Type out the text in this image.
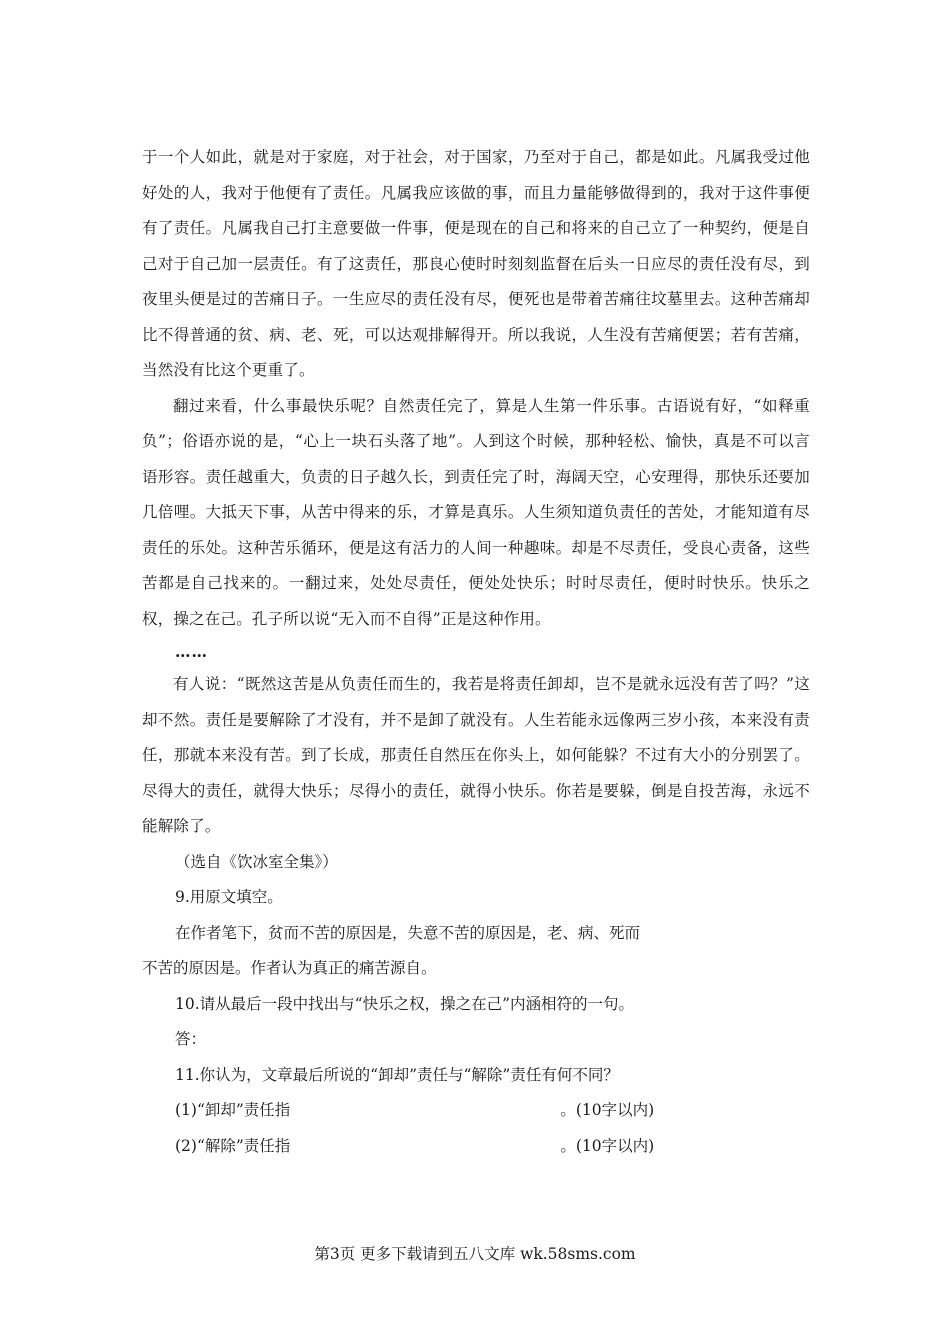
于一个人如此，就是对于家庭，对于社会，对于国家，乃至对于自己，都是如此。凡属我受过他好处的人，我对于他便有了责任。凡属我应该做的事，而且力量能够做得到的，我对于这件事便有了责任。凡属我自己打主意要做一件事，便是现在的自己和将来的自己立了一种契约，便是自己对于自己加一层责任。有了这责任，那良心使时时刻刻监督在后头一日应尽的责任没有尽，到夜里头便是过的苦痛日子。一生应尽的责任没有尽，便死也是带着苦痛往坟墓里去。这种苦痛却比不得普通的贫、病、老、死，可以达观排解得开。所以我说，人生没有苦痛便罢；若有苦痛，当然没有比这个更重了。

翻过来看，什么事最快乐呢？自然责任完了，算是人生第一件乐事。古语说有好，“如释重负”；俗语亦说的是，“心上一块石头落了地”。人到这个时候，那种轻松、愉快，真是不可以言语形容。责任越重大，负责的日子越久长，到责任完了时，海阔天空，心安理得，那快乐还要加几倍哩。大抵天下事，从苦中得来的乐，才算是真乐。人生须知道负责任的苦处，才能知道有尽责任的乐处。这种苦乐循环，便是这有活力的人间一种趣味。却是不尽责任，受良心责备，这些苦都是自己找来的。一翻过来，处处尽责任，便处处快乐；时时尽责任，便时时快乐。快乐之权，操之在己。孔子所以说“无入而不自得”正是这种作用。

……

有人说：“既然这苦是从负责任而生的，我若是将责任卸却，岂不是就永远没有苦了吗？”这却不然。责任是要解除了才没有，并不是卸了就没有。人生若能永远像两三岁小孩，本来没有责任，那就本来没有苦。到了长成，那责任自然压在你头上，如何能躲？不过有大小的分别罢了。尽得大的责任，就得大快乐；尽得小的责任，就得小快乐。你若是要躲，倒是自投苦海，永远不能解除了。

（选自《饮冰室全集》）

9.用原文填空。

在作者笔下，贫而不苦的原因是，失意不苦的原因是，老、病、死而

不苦的原因是。作者认为真正的痛苦源自。

10.请从最后一段中找出与“快乐之权，操之在己”内涵相符的一句。

答：

11.你认为，文章最后所说的“卸却”责任与“解除”责任有何不同？

(1)“卸却”责任指	。(10字以内)

(2)“解除”责任指	。(10字以内)

第3页 更多下载请到五八文库 wk.58sms.com
